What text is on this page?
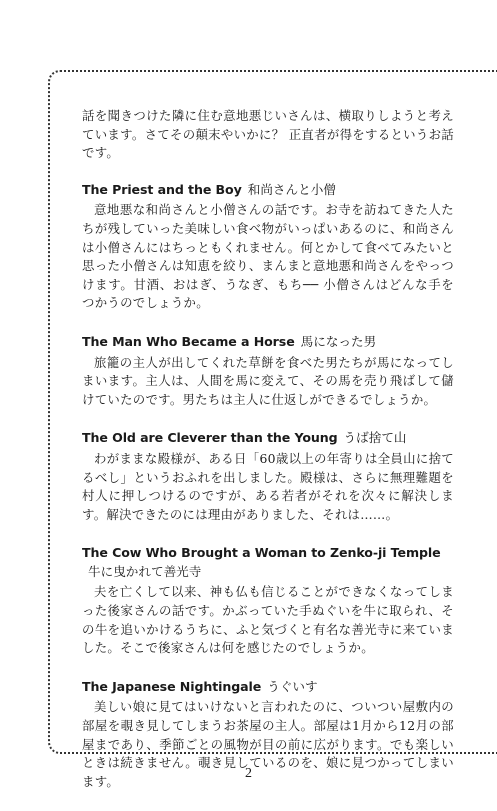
話を聞きつけた隣に住む意地悪じいさんは、横取りしようと考えています。さてその顛末やいかに？ 正直者が得をするというお話です。

The Priest and the Boy 和尚さんと小僧

意地悪な和尚さんと小僧さんの話です。お寺を訪ねてきた人たちが残していった美味しい食べ物がいっぱいあるのに、和尚さんは小僧さんにはちっともくれません。何とかして食べてみたいと思った小僧さんは知恵を絞り、まんまと意地悪和尚さんをやっつけます。甘酒、おはぎ、うなぎ、もち── 小僧さんはどんな手をつかうのでしょうか。

The Man Who Became a Horse 馬になった男

旅籠の主人が出してくれた草餅を食べた男たちが馬になってしまいます。主人は、人間を馬に変えて、その馬を売り飛ばして儲けていたのです。男たちは主人に仕返しができるでしょうか。

The Old are Cleverer than the Young うば捨て山

わがままな殿様が、ある日「60歳以上の年寄りは全員山に捨てるべし」というおふれを出しました。殿様は、さらに無理難題を村人に押しつけるのですが、ある若者がそれを次々に解決します。解決できたのには理由がありました、それは……。

The Cow Who Brought a Woman to Zenko-ji Temple牛に曳かれて善光寺

夫を亡くして以来、神も仏も信じることができなくなってしまった後家さんの話です。かぶっていた手ぬぐいを牛に取られ、その牛を追いかけるうちに、ふと気づくと有名な善光寺に来ていました。そこで後家さんは何を感じたのでしょうか。

The Japanese Nightingale うぐいす

美しい娘に見てはいけないと言われたのに、ついつい屋敷内の部屋を覗き見してしまうお茶屋の主人。部屋は1月から12月の部屋まであり、季節ごとの風物が目の前に広がります。でも楽しいときは続きません。覗き見しているのを、娘に見つかってしまいます。

2
